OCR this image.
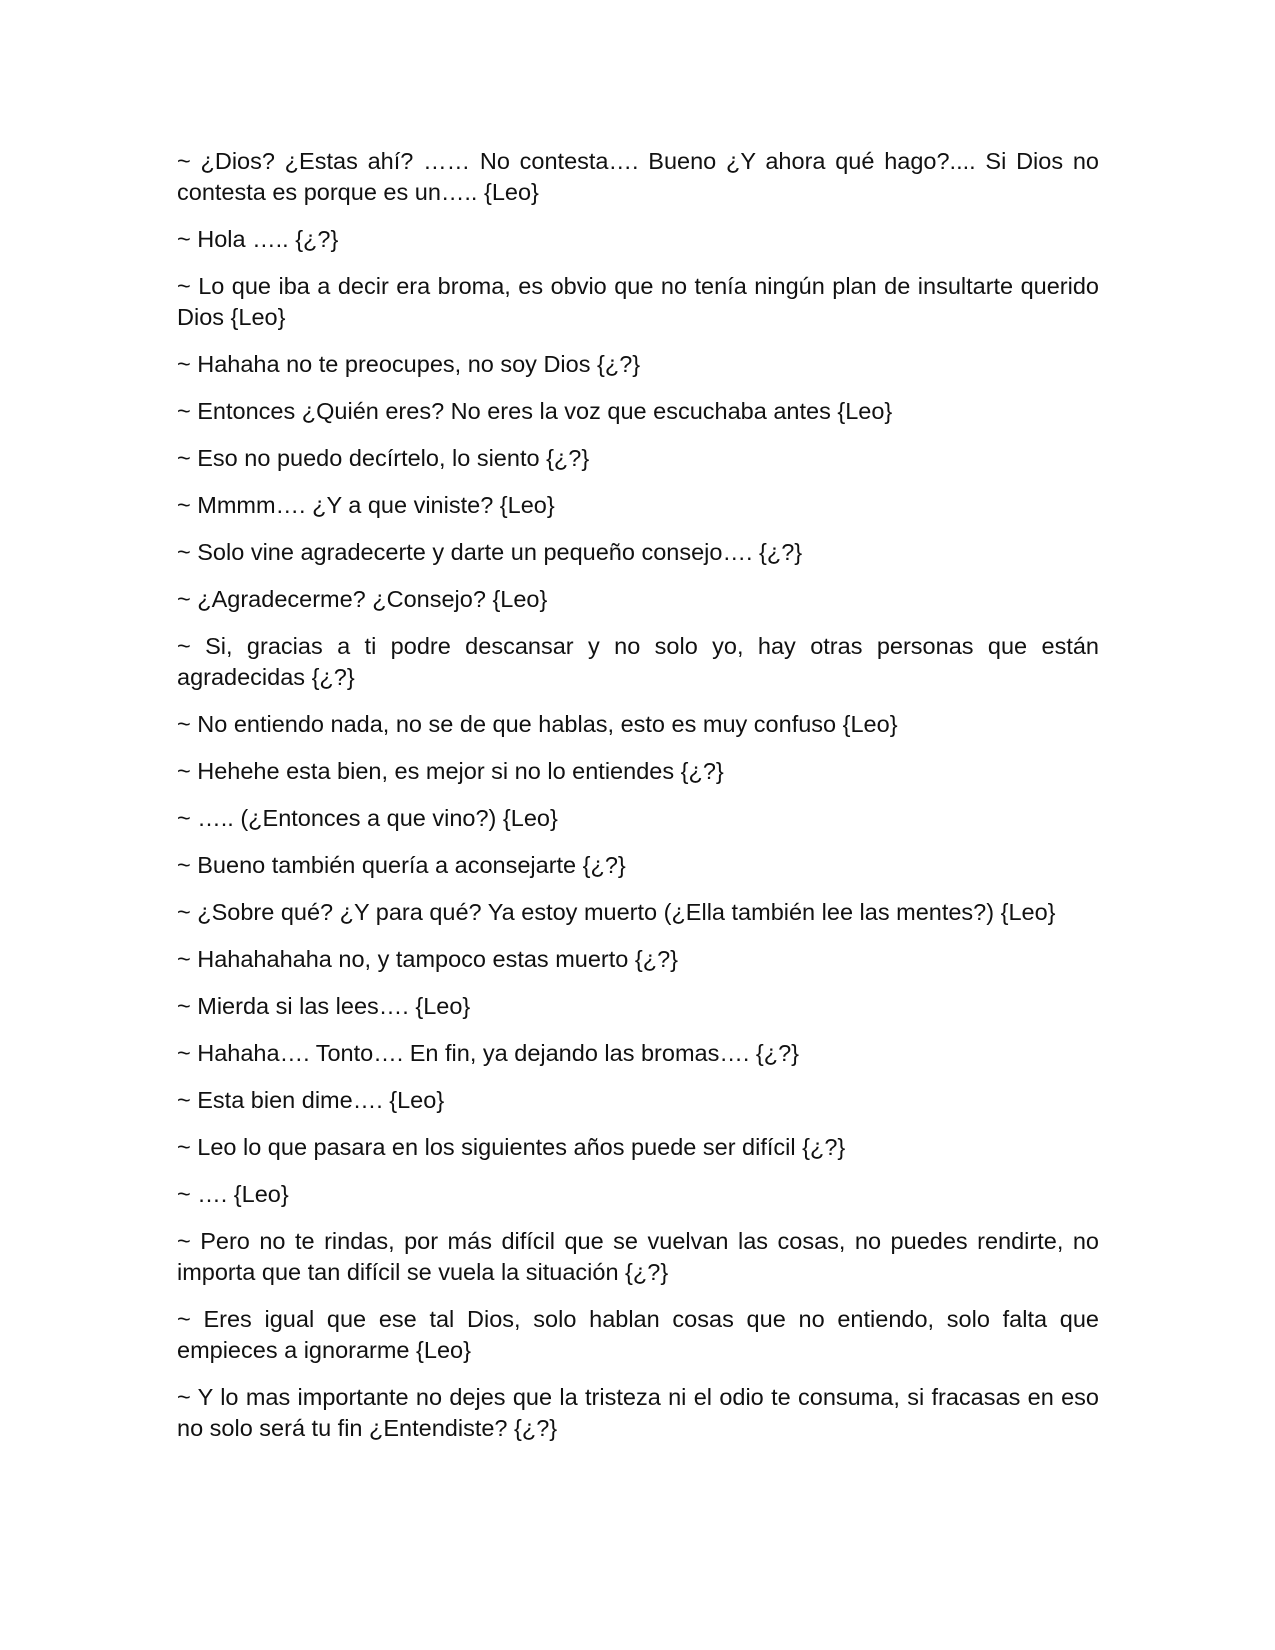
~ ¿Dios? ¿Estas ahí? …… No contesta…. Bueno ¿Y ahora qué hago?.... Si Dios no contesta es porque es un….. {Leo}

~ Hola ….. {¿?}

~ Lo que iba a decir era broma, es obvio que no tenía ningún plan de insultarte querido Dios {Leo}

~ Hahaha no te preocupes, no soy Dios {¿?}

~ Entonces ¿Quién eres? No eres la voz que escuchaba antes {Leo}

~ Eso no puedo decírtelo, lo siento {¿?}

~ Mmmm…. ¿Y a que viniste? {Leo}

~ Solo vine agradecerte y darte un pequeño consejo…. {¿?}

~ ¿Agradecerme? ¿Consejo? {Leo}

~ Si, gracias a ti podre descansar y no solo yo, hay otras personas que están agradecidas {¿?}

~ No entiendo nada, no se de que hablas, esto es muy confuso {Leo}

~ Hehehe esta bien, es mejor si no lo entiendes {¿?}

~ ….. (¿Entonces a que vino?) {Leo}

~ Bueno también quería a aconsejarte {¿?}

~ ¿Sobre qué? ¿Y para qué? Ya estoy muerto (¿Ella también lee las mentes?) {Leo}

~ Hahahahaha no, y tampoco estas muerto {¿?}

~ Mierda si las lees…. {Leo}

~ Hahaha…. Tonto…. En fin, ya dejando las bromas…. {¿?}

~ Esta bien dime…. {Leo}

~ Leo lo que pasara en los siguientes años puede ser difícil {¿?}

~ …. {Leo}

~ Pero no te rindas, por más difícil que se vuelvan las cosas, no puedes rendirte, no importa que tan difícil se vuela la situación {¿?}

~ Eres igual que ese tal Dios, solo hablan cosas que no entiendo, solo falta que empieces a ignorarme {Leo}

~ Y lo mas importante no dejes que la tristeza ni el odio te consuma, si fracasas en eso no solo será tu fin ¿Entendiste? {¿?}
